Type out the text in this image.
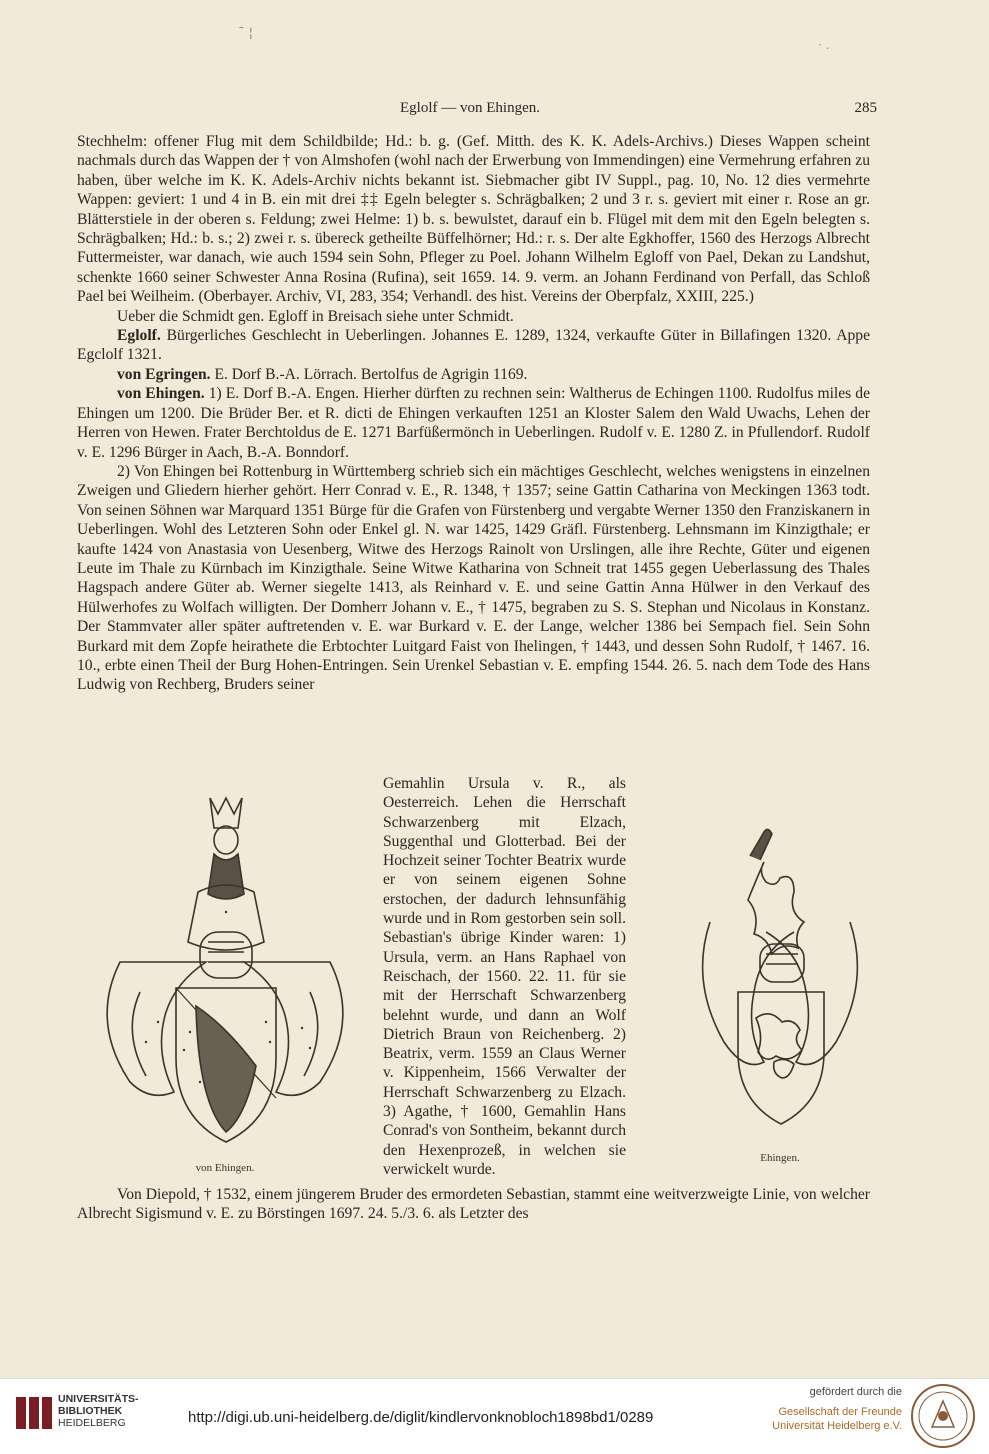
¯ ¦
· .
Eglolf — von Ehingen.	285

Stechhelm: offener Flug mit dem Schildbilde; Hd.: b. g. (Gef. Mitth. des K. K. Adels-Archivs.) Dieses Wappen scheint nachmals durch das Wappen der † von Almshofen (wohl nach der Erwerbung von Immendingen) eine Vermehrung erfahren zu haben, über welche im K. K. Adels-Archiv nichts bekannt ist. Siebmacher gibt IV Suppl., pag. 10, No. 12 dies vermehrte Wappen: geviert: 1 und 4 in B. ein mit drei ‡‡ Egeln belegter s. Schrägbalken; 2 und 3 r. s. geviert mit einer r. Rose an gr. Blätterstiele in der oberen s. Feldung; zwei Helme: 1) b. s. bewulstet, darauf ein b. Flügel mit dem mit den Egeln belegten s. Schrägbalken; Hd.: b. s.; 2) zwei r. s. übereck getheilte Büffelhörner; Hd.: r. s. Der alte Egkhoffer, 1560 des Herzogs Albrecht Futtermeister, war danach, wie auch 1594 sein Sohn, Pfleger zu Poel. Johann Wilhelm Egloff von Pael, Dekan zu Landshut, schenkte 1660 seiner Schwester Anna Rosina (Rufina), seit 1659. 14. 9. verm. an Johann Ferdinand von Perfall, das Schloß Pael bei Weilheim. (Oberbayer. Archiv, VI, 283, 354; Verhandl. des hist. Vereins der Oberpfalz, XXIII, 225.)

Ueber die Schmidt gen. Egloff in Breisach siehe unter Schmidt.

Eglolf. Bürgerliches Geschlecht in Ueberlingen. Johannes E. 1289, 1324, verkaufte Güter in Billafingen 1320. Appe Egclolf 1321.

von Egringen. E. Dorf B.-A. Lörrach. Bertolfus de Agrigin 1169.

von Ehingen. 1) E. Dorf B.-A. Engen. Hierher dürften zu rechnen sein: Waltherus de Echingen 1100. Rudolfus miles de Ehingen um 1200. Die Brüder Ber. et R. dicti de Ehingen verkauften 1251 an Kloster Salem den Wald Uwachs, Lehen der Herren von Hewen. Frater Berchtoldus de E. 1271 Barfüßermönch in Ueberlingen. Rudolf v. E. 1280 Z. in Pfullendorf. Rudolf v. E. 1296 Bürger in Aach, B.-A. Bonndorf.

2) Von Ehingen bei Rottenburg in Württemberg schrieb sich ein mächtiges Geschlecht, welches wenigstens in einzelnen Zweigen und Gliedern hierher gehört. Herr Conrad v. E., R. 1348, † 1357; seine Gattin Catharina von Meckingen 1363 todt. Von seinen Söhnen war Marquard 1351 Bürge für die Grafen von Fürstenberg und vergabte Werner 1350 den Franziskanern in Ueberlingen. Wohl des Letzteren Sohn oder Enkel gl. N. war 1425, 1429 Gräfl. Fürstenberg. Lehnsmann im Kinzigthale; er kaufte 1424 von Anastasia von Uesenberg, Witwe des Herzogs Rainolt von Urslingen, alle ihre Rechte, Güter und eigenen Leute im Thale zu Kürnbach im Kinzigthale. Seine Witwe Katharina von Schneit trat 1455 gegen Ueberlassung des Thales Hagspach andere Güter ab. Werner siegelte 1413, als Reinhard v. E. und seine Gattin Anna Hülwer in den Verkauf des Hülwerhofes zu Wolfach willigten. Der Domherr Johann v. E., † 1475, begraben zu S. S. Stephan und Nicolaus in Konstanz. Der Stammvater aller später auftretenden v. E. war Burkard v. E. der Lange, welcher 1386 bei Sempach fiel. Sein Sohn Burkard mit dem Zopfe heirathete die Erbtochter Luitgard Faist von Ihelingen, † 1443, und dessen Sohn Rudolf, † 1467. 16. 10., erbte einen Theil der Burg Hohen-Entringen. Sein Urenkel Sebastian v. E. empfing 1544. 26. 5. nach dem Tode des Hans Ludwig von Rechberg, Bruders seiner

von Ehingen.
Gemahlin Ursula v. R., als Oesterreich. Lehen die Herrschaft Schwarzenberg mit Elzach, Suggenthal und Glotterbad. Bei der Hochzeit seiner Tochter Beatrix wurde er von seinem eigenen Sohne erstochen, der dadurch lehnsunfähig wurde und in Rom gestorben sein soll. Sebastian's übrige Kinder waren: 1) Ursula, verm. an Hans Raphael von Reischach, der 1560. 22. 11. für sie mit der Herrschaft Schwarzenberg belehnt wurde, und dann an Wolf Dietrich Braun von Reichenberg. 2) Beatrix, verm. 1559 an Claus Werner v. Kippenheim, 1566 Verwalter der Herrschaft Schwarzenberg zu Elzach. 3) Agathe, † 1600, Gemahlin Hans Conrad's von Sontheim, bekannt durch den Hexenprozeß, in welchen sie verwickelt wurde.
Ehingen.

Von Diepold, † 1532, einem jüngerem Bruder des ermordeten Sebastian, stammt eine weitverzweigte Linie, von welcher Albrecht Sigismund v. E. zu Börstingen 1697. 24. 5./3. 6. als Letzter des

UNIVERSITÄTS-
BIBLIOTHEK
HEIDELBERG	http://digi.ub.uni-heidelberg.de/diglit/kindlervonknobloch1898bd1/0289
gefördert durch die
Gesellschaft der Freunde
Universität Heidelberg e.V.
